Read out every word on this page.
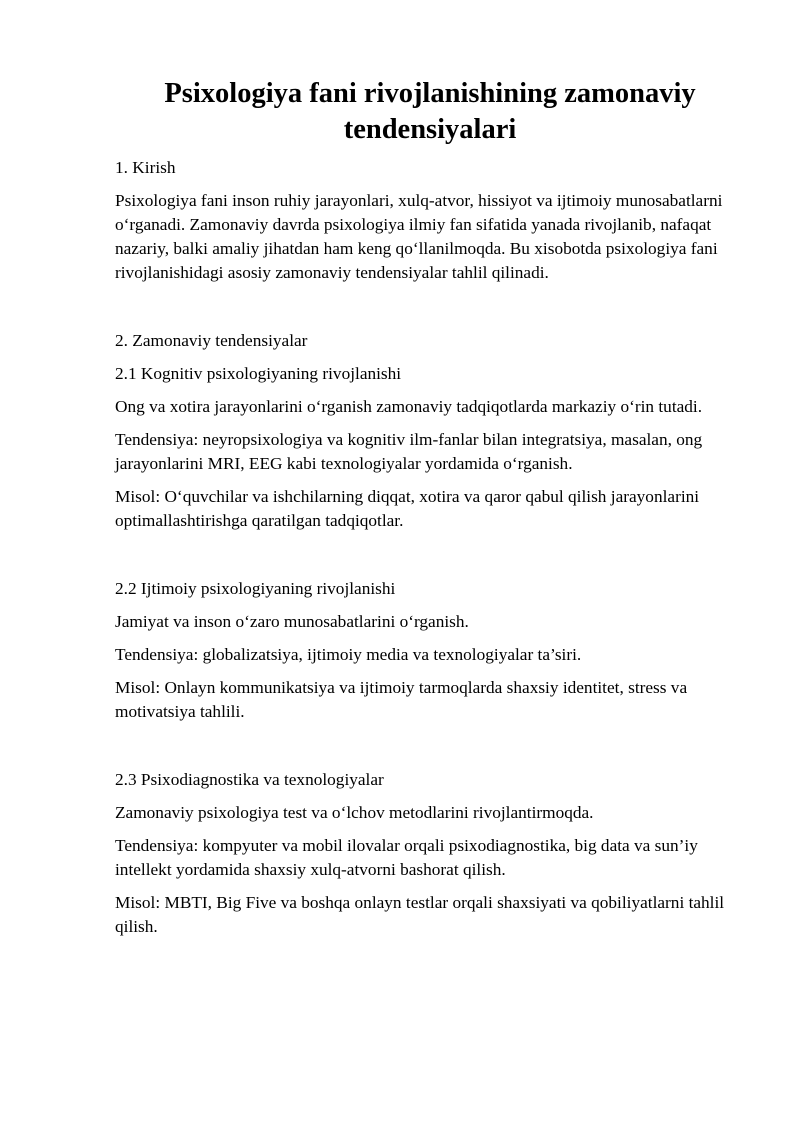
Psixologiya fani rivojlanishining zamonaviy tendensiyalari

1. Kirish

Psixologiya fani inson ruhiy jarayonlari, xulq-atvor, hissiyot va ijtimoiy munosabatlarni o‘rganadi. Zamonaviy davrda psixologiya ilmiy fan sifatida yanada rivojlanib, nafaqat nazariy, balki amaliy jihatdan ham keng qo‘llanilmoqda. Bu xisobotda psixologiya fani rivojlanishidagi asosiy zamonaviy tendensiyalar tahlil qilinadi.

2. Zamonaviy tendensiyalar

2.1 Kognitiv psixologiyaning rivojlanishi

Ong va xotira jarayonlarini o‘rganish zamonaviy tadqiqotlarda markaziy o‘rin tutadi.

Tendensiya: neyropsixologiya va kognitiv ilm-fanlar bilan integratsiya, masalan, ong jarayonlarini MRI, EEG kabi texnologiyalar yordamida o‘rganish.

Misol: O‘quvchilar va ishchilarning diqqat, xotira va qaror qabul qilish jarayonlarini optimallashtirishga qaratilgan tadqiqotlar.

2.2 Ijtimoiy psixologiyaning rivojlanishi

Jamiyat va inson o‘zaro munosabatlarini o‘rganish.

Tendensiya: globalizatsiya, ijtimoiy media va texnologiyalar ta’siri.

Misol: Onlayn kommunikatsiya va ijtimoiy tarmoqlarda shaxsiy identitet, stress va motivatsiya tahlili.

2.3 Psixodiagnostika va texnologiyalar

Zamonaviy psixologiya test va o‘lchov metodlarini rivojlantirmoqda.

Tendensiya: kompyuter va mobil ilovalar orqali psixodiagnostika, big data va sun’iy intellekt yordamida shaxsiy xulq-atvorni bashorat qilish.

Misol: MBTI, Big Five va boshqa onlayn testlar orqali shaxsiyati va qobiliyatlarni tahlil qilish.
